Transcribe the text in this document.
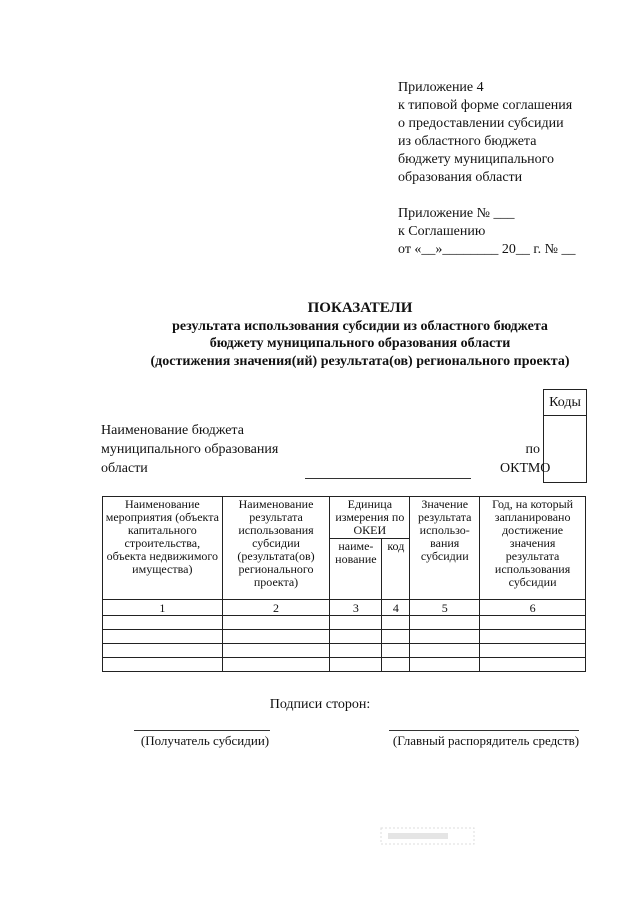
Приложение 4
к типовой форме соглашения
о предоставлении субсидии
из областного бюджета
бюджету муниципального
образования области
Приложение № ___
к Соглашению
от «__»________ 20__ г. № __
ПОКАЗАТЕЛИ
результата использования субсидии из областного бюджета
бюджету муниципального образования области
(достижения значения(ий) результата(ов) регионального проекта)
Коды
Наименование бюджета
муниципального образования
области
по
ОКТМО
Наименование мероприятия (объекта капитального строительства, объекта недвижимого имущества)	Наименование результата использования субсидии (результата(ов) регионального проекта)	Единица измерения по ОКЕИ		Значение результата использо-вания субсидии	Год, на который запланировано достижение значения результата использования субсидии
		наиме-нование	код		
1	2	3	4	5	6

Подписи сторон:
(Получатель субсидии)	(Главный распорядитель средств)
